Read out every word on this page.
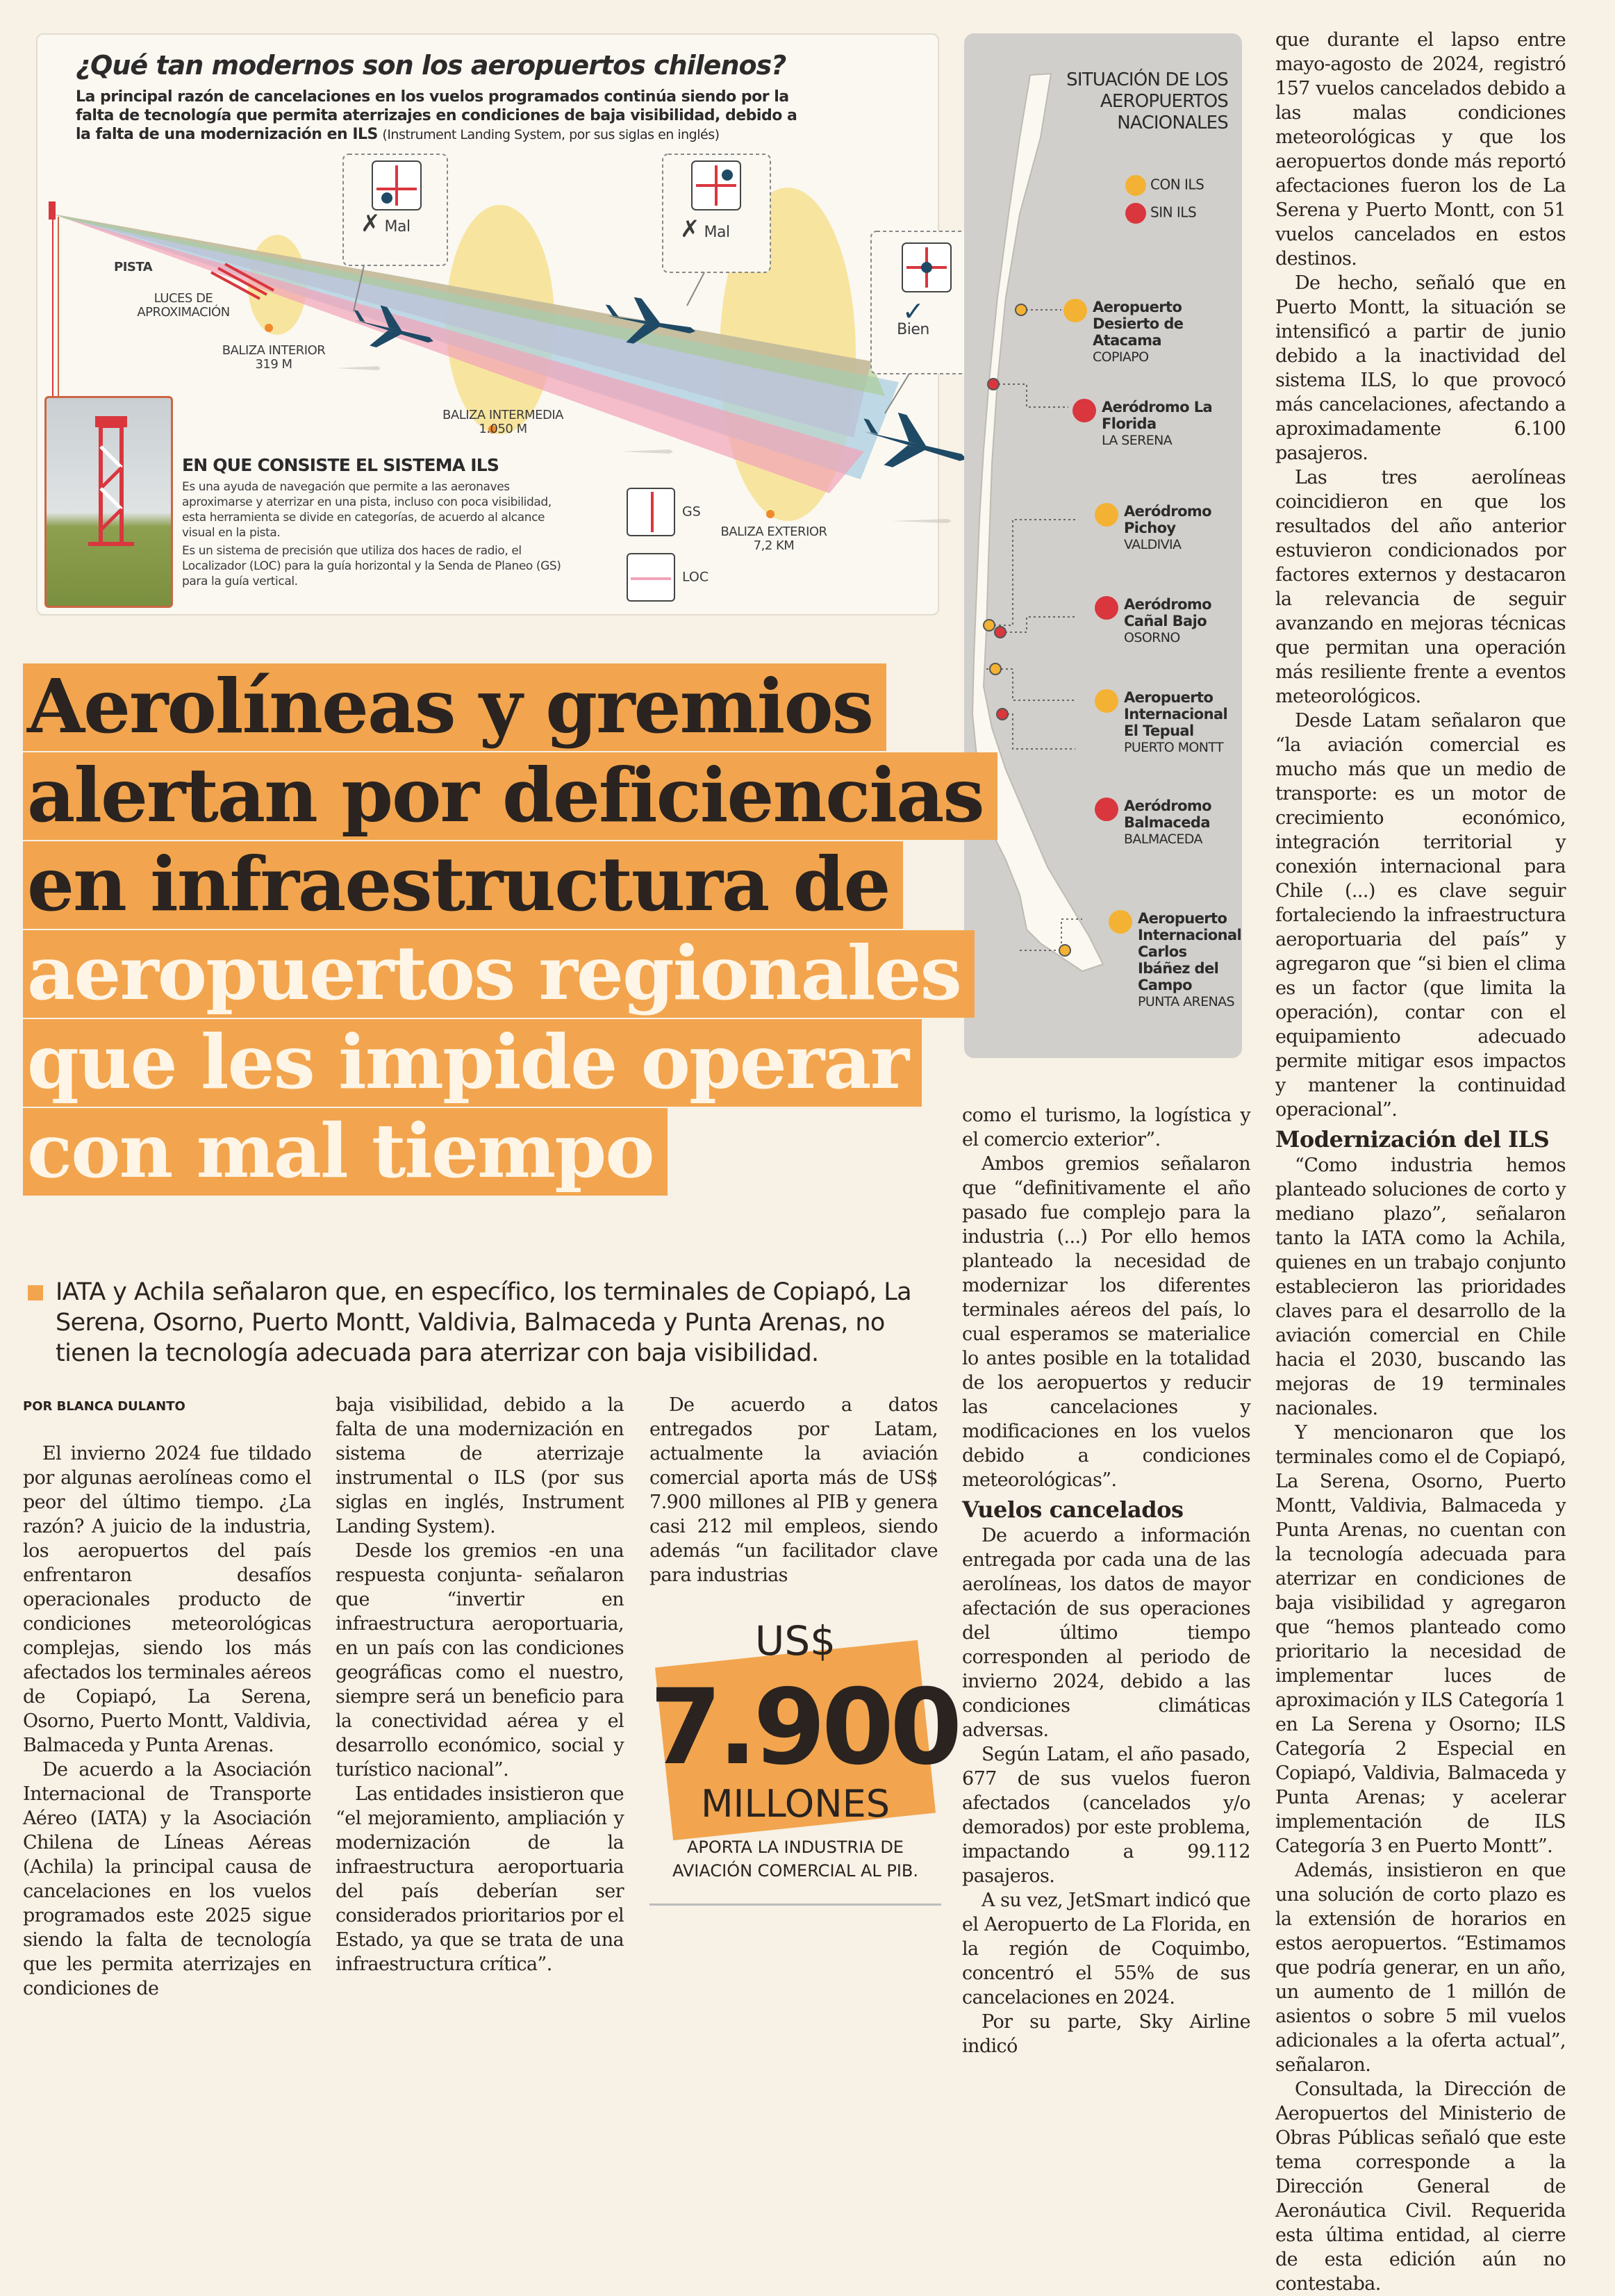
¿Qué tan modernos son los aeropuertos chilenos?
La principal razón de cancelaciones en los vuelos programados continúa siendo por la falta de tecnología que permita aterrizajes en condiciones de baja visibilidad, debido a la falta de una modernización en ILS (Instrument Landing System, por sus siglas en inglés)
PISTA
LUCES DE APROXIMACIÓN
BALIZA INTERIOR
319 M
BALIZA INTERMEDIA
1.050 M
BALIZA EXTERIOR
7,2 KM
✗ Mal	✗ Mal
✓ Bien
EN QUE CONSISTE EL SISTEMA ILS
Es una ayuda de navegación que permite a las aeronaves aproximarse y aterrizar en una pista, incluso con poca visibilidad, esta herramienta se divide en categorías, de acuerdo al alcance visual en la pista.
Es un sistema de precisión que utiliza dos haces de radio, el Localizador (LOC) para la guía horizontal y la Senda de Planeo (GS) para la guía vertical.
GS
LOC
SITUACIÓN DE LOS AEROPUERTOS NACIONALES
CON ILS
SIN ILS
Aeropuerto Desierto de Atacama
COPIAPO
Aeródromo La Florida
LA SERENA
Aeródromo Pichoy
VALDIVIA
Aeródromo Cañal Bajo
OSORNO
Aeropuerto Internacional El Tepual
PUERTO MONTT
Aeródromo Balmaceda
BALMACEDA
Aeropuerto Internacional Carlos Ibáñez del Campo
PUNTA ARENAS
Aerolíneas y gremios
alertan por deficiencias
en infraestructura de
aeropuertos regionales
que les impide operar
con mal tiempo
IATA y Achila señalaron que, en específico, los terminales de Copiapó, La Serena, Osorno, Puerto Montt, Valdivia, Balmaceda y Punta Arenas, no tienen la tecnología adecuada para aterrizar con baja visibilidad.
POR BLANCA DULANTO

El invierno 2024 fue tildado por algunas aerolíneas como el peor del último tiempo. ¿La razón? A juicio de la industria, los aeropuertos del país enfrentaron desafíos operacionales producto de condiciones meteorológicas complejas, siendo los más afectados los terminales aéreos de Copiapó, La Serena, Osorno, Puerto Montt, Valdivia, Balmaceda y Punta Arenas.

De acuerdo a la Asociación Internacional de Transporte Aéreo (IATA) y la Asociación Chilena de Líneas Aéreas (Achila) la principal causa de cancelaciones en los vuelos programados este 2025 sigue siendo la falta de tecnología que les permita aterrizajes en condiciones de

baja visibilidad, debido a la falta de una modernización en sistema de aterrizaje instrumental o ILS (por sus siglas en inglés, Instrument Landing System).

Desde los gremios -en una respuesta conjunta- señalaron que “invertir en infraestructura aeroportuaria, en un país con las condiciones geográficas como el nuestro, siempre será un beneficio para la conectividad aérea y el desarrollo económico, social y turístico nacional”.

Las entidades insistieron que “el mejoramiento, ampliación y modernización de la infraestructura aeroportuaria del país deberían ser considerados prioritarios por el Estado, ya que se trata de una infraestructura crítica”.

De acuerdo a datos entregados por Latam, actualmente la aviación comercial aporta más de US$ 7.900 millones al PIB y genera casi 212 mil empleos, siendo además “un facilitador clave para industrias

US$
7.900
MILLONES
APORTA LA INDUSTRIA DE AVIACIÓN COMERCIAL AL PIB.

como el turismo, la logística y el comercio exterior”.

Ambos gremios señalaron que “definitivamente el año pasado fue complejo para la industria (...) Por ello hemos planteado la necesidad de modernizar los diferentes terminales aéreos del país, lo cual esperamos se materialice lo antes posible en la totalidad de los aeropuertos y reducir las cancelaciones y modificaciones en los vuelos debido a condiciones meteorológicas”.

Vuelos cancelados

De acuerdo a información entregada por cada una de las aerolíneas, los datos de mayor afectación de sus operaciones del último tiempo corresponden al periodo de invierno 2024, debido a las condiciones climáticas adversas.

Según Latam, el año pasado, 677 de sus vuelos fueron afectados (cancelados y/o demorados) por este problema, impactando a 99.112 pasajeros.

A su vez, JetSmart indicó que el Aeropuerto de La Florida, en la región de Coquimbo, concentró el 55% de sus cancelaciones en 2024.

Por su parte, Sky Airline indicó

que durante el lapso entre mayo-agosto de 2024, registró 157 vuelos cancelados debido a las malas condiciones meteorológicas y que los aeropuertos donde más reportó afectaciones fueron los de La Serena y Puerto Montt, con 51 vuelos cancelados en estos destinos.

De hecho, señaló que en Puerto Montt, la situación se intensificó a partir de junio debido a la inactividad del sistema ILS, lo que provocó más cancelaciones, afectando a aproximadamente 6.100 pasajeros.

Las tres aerolíneas coincidieron en que los resultados del año anterior estuvieron condicionados por factores externos y destacaron la relevancia de seguir avanzando en mejoras técnicas que permitan una operación más resiliente frente a eventos meteorológicos.

Desde Latam señalaron que “la aviación comercial es mucho más que un medio de transporte: es un motor de crecimiento económico, integración territorial y conexión internacional para Chile (...) es clave seguir fortaleciendo la infraestructura aeroportuaria del país” y agregaron que “si bien el clima es un factor (que limita la operación), contar con el equipamiento adecuado permite mitigar esos impactos y mantener la continuidad operacional”.

Modernización del ILS

“Como industria hemos planteado soluciones de corto y mediano plazo”, señalaron tanto la IATA como la Achila, quienes en un trabajo conjunto establecieron las prioridades claves para el desarrollo de la aviación comercial en Chile hacia el 2030, buscando las mejoras de 19 terminales nacionales.

Y mencionaron que los terminales como el de Copiapó, La Serena, Osorno, Puerto Montt, Valdivia, Balmaceda y Punta Arenas, no cuentan con la tecnología adecuada para aterrizar en condiciones de baja visibilidad y agregaron que “hemos planteado como prioritario la necesidad de implementar luces de aproximación y ILS Categoría 1 en La Serena y Osorno; ILS Categoría 2 Especial en Copiapó, Valdivia, Balmaceda y Punta Arenas; y acelerar implementación de ILS Categoría 3 en Puerto Montt”.

Además, insistieron en que una solución de corto plazo es la extensión de horarios en estos aeropuertos. “Estimamos que podría generar, en un año, un aumento de 1 millón de asientos o sobre 5 mil vuelos adicionales a la oferta actual”, señalaron.

Consultada, la Dirección de Aeropuertos del Ministerio de Obras Públicas señaló que este tema corresponde a la Dirección General de Aeronáutica Civil. Requerida esta última entidad, al cierre de esta edición aún no contestaba.
